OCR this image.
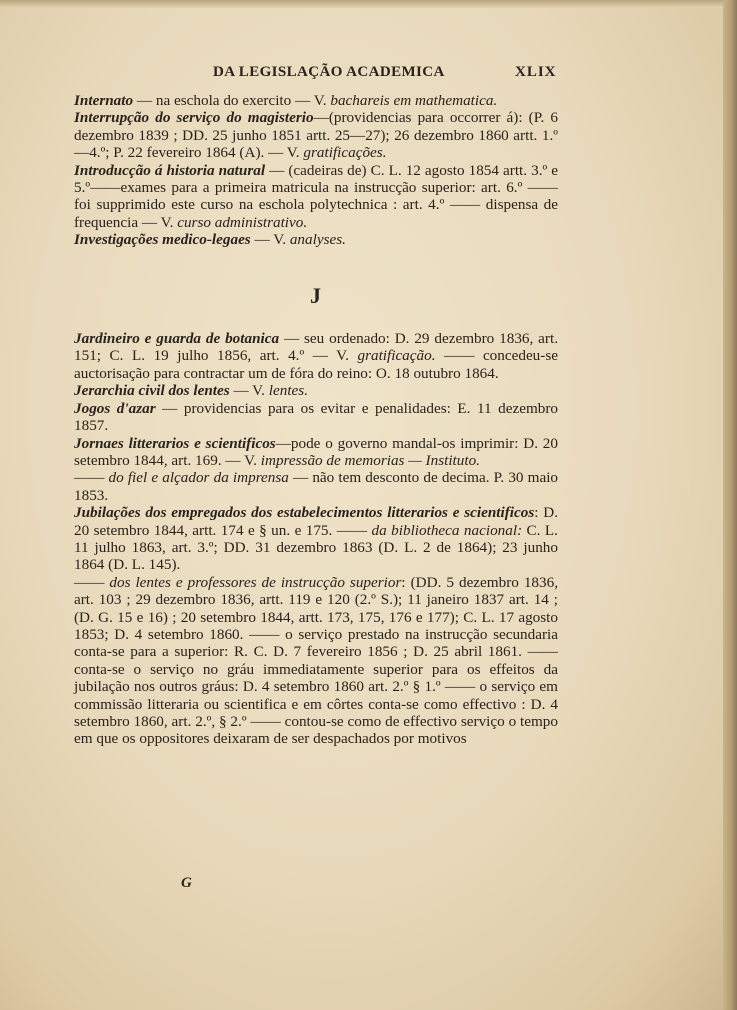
DA LEGISLAÇÃO ACADEMICA	XLIX

Internato — na eschola do exercito — V. bachareis em mathematica.

Interrupção do serviço do magisterio—(providencias para occorrer á): (P. 6 dezembro 1839 ; DD. 25 junho 1851 artt. 25—27); 26 dezembro 1860 artt. 1.º—4.º; P. 22 fevereiro 1864 (A). — V. gratificações.

Introducção á historia natural — (cadeiras de) C. L. 12 agosto 1854 artt. 3.º e 5.º——exames para a primeira matricula na instrucção superior: art. 6.º —— foi supprimido este curso na eschola polytechnica : art. 4.º —— dispensa de frequencia — V. curso administrativo.

Investigações medico-legaes — V. analyses.

J

Jardineiro e guarda de botanica — seu ordenado: D. 29 dezembro 1836, art. 151; C. L. 19 julho 1856, art. 4.º — V. gratificação. —— concedeu-se auctorisação para contractar um de fóra do reino: O. 18 outubro 1864.

Jerarchia civil dos lentes — V. lentes.

Jogos d'azar — providencias para os evitar e penalidades: E. 11 dezembro 1857.

Jornaes litterarios e scientificos—pode o governo mandal-os imprimir: D. 20 setembro 1844, art. 169. — V. impressão de memorias — Instituto.

—— do fiel e alçador da imprensa — não tem desconto de decima. P. 30 maio 1853.

Jubilações dos empregados dos estabelecimentos litterarios e scientificos: D. 20 setembro 1844, artt. 174 e § un. e 175. —— da bibliotheca nacional: C. L. 11 julho 1863, art. 3.º; DD. 31 dezembro 1863 (D. L. 2 de 1864); 23 junho 1864 (D. L. 145).

—— dos lentes e professores de instrucção superior: (DD. 5 dezembro 1836, art. 103 ; 29 dezembro 1836, artt. 119 e 120 (2.º S.); 11 janeiro 1837 art. 14 ; (D. G. 15 e 16) ; 20 setembro 1844, artt. 173, 175, 176 e 177); C. L. 17 agosto 1853; D. 4 setembro 1860. —— o serviço prestado na instrucção secundaria conta-se para a superior: R. C. D. 7 fevereiro 1856 ; D. 25 abril 1861. —— conta-se o serviço no gráu immediatamente superior para os effeitos da jubilação nos outros gráus: D. 4 setembro 1860 art. 2.º § 1.º —— o serviço em commissão litteraria ou scientifica e em côrtes conta-se como effectivo : D. 4 setembro 1860, art. 2.º, § 2.º —— contou-se como de effectivo serviço o tempo em que os oppositores deixaram de ser despachados por motivos

G
